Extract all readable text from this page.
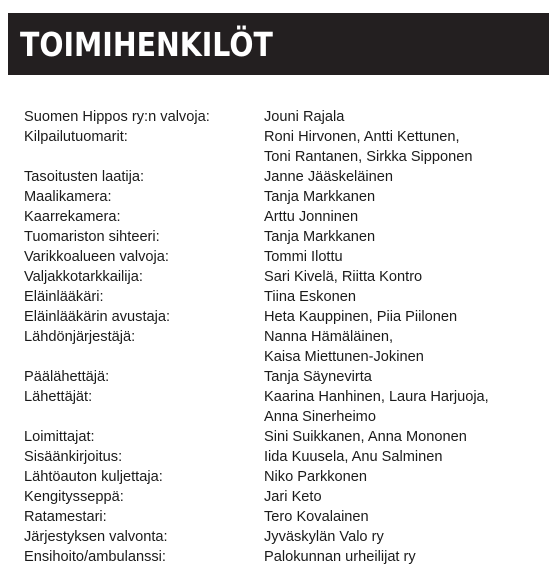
TOIMIHENKILÖT
Suomen Hippos ry:n valvoja:	Jouni Rajala
Kilpailutuomarit:	Roni Hirvonen, Antti Kettunen,
Toni Rantanen, Sirkka Sipponen
Tasoitusten laatija:	Janne Jääskeläinen
Maalikamera:	Tanja Markkanen
Kaarrekamera:	Arttu Jonninen
Tuomariston sihteeri:	Tanja Markkanen
Varikkoalueen valvoja:	Tommi Ilottu
Valjakkotarkkailija:	Sari Kivelä, Riitta Kontro
Eläinlääkäri:	Tiina Eskonen
Eläinlääkärin avustaja:	Heta Kauppinen, Piia Piilonen
Lähdönjärjestäjä:	Nanna Hämäläinen,
Kaisa Miettunen-Jokinen
Päälähettäjä:	Tanja Säynevirta
Lähettäjät:	Kaarina Hanhinen, Laura Harjuoja,
Anna Sinerheimo
Loimittajat:	Sini Suikkanen, Anna Mononen
Sisäänkirjoitus:	Iida Kuusela, Anu Salminen
Lähtöauton kuljettaja:	Niko Parkkonen
Kengitysseppä:	Jari Keto
Ratamestari:	Tero Kovalainen
Järjestyksen valvonta:	Jyväskylän Valo ry
Ensihoito/ambulanssi:	Palokunnan urheilijat ry
